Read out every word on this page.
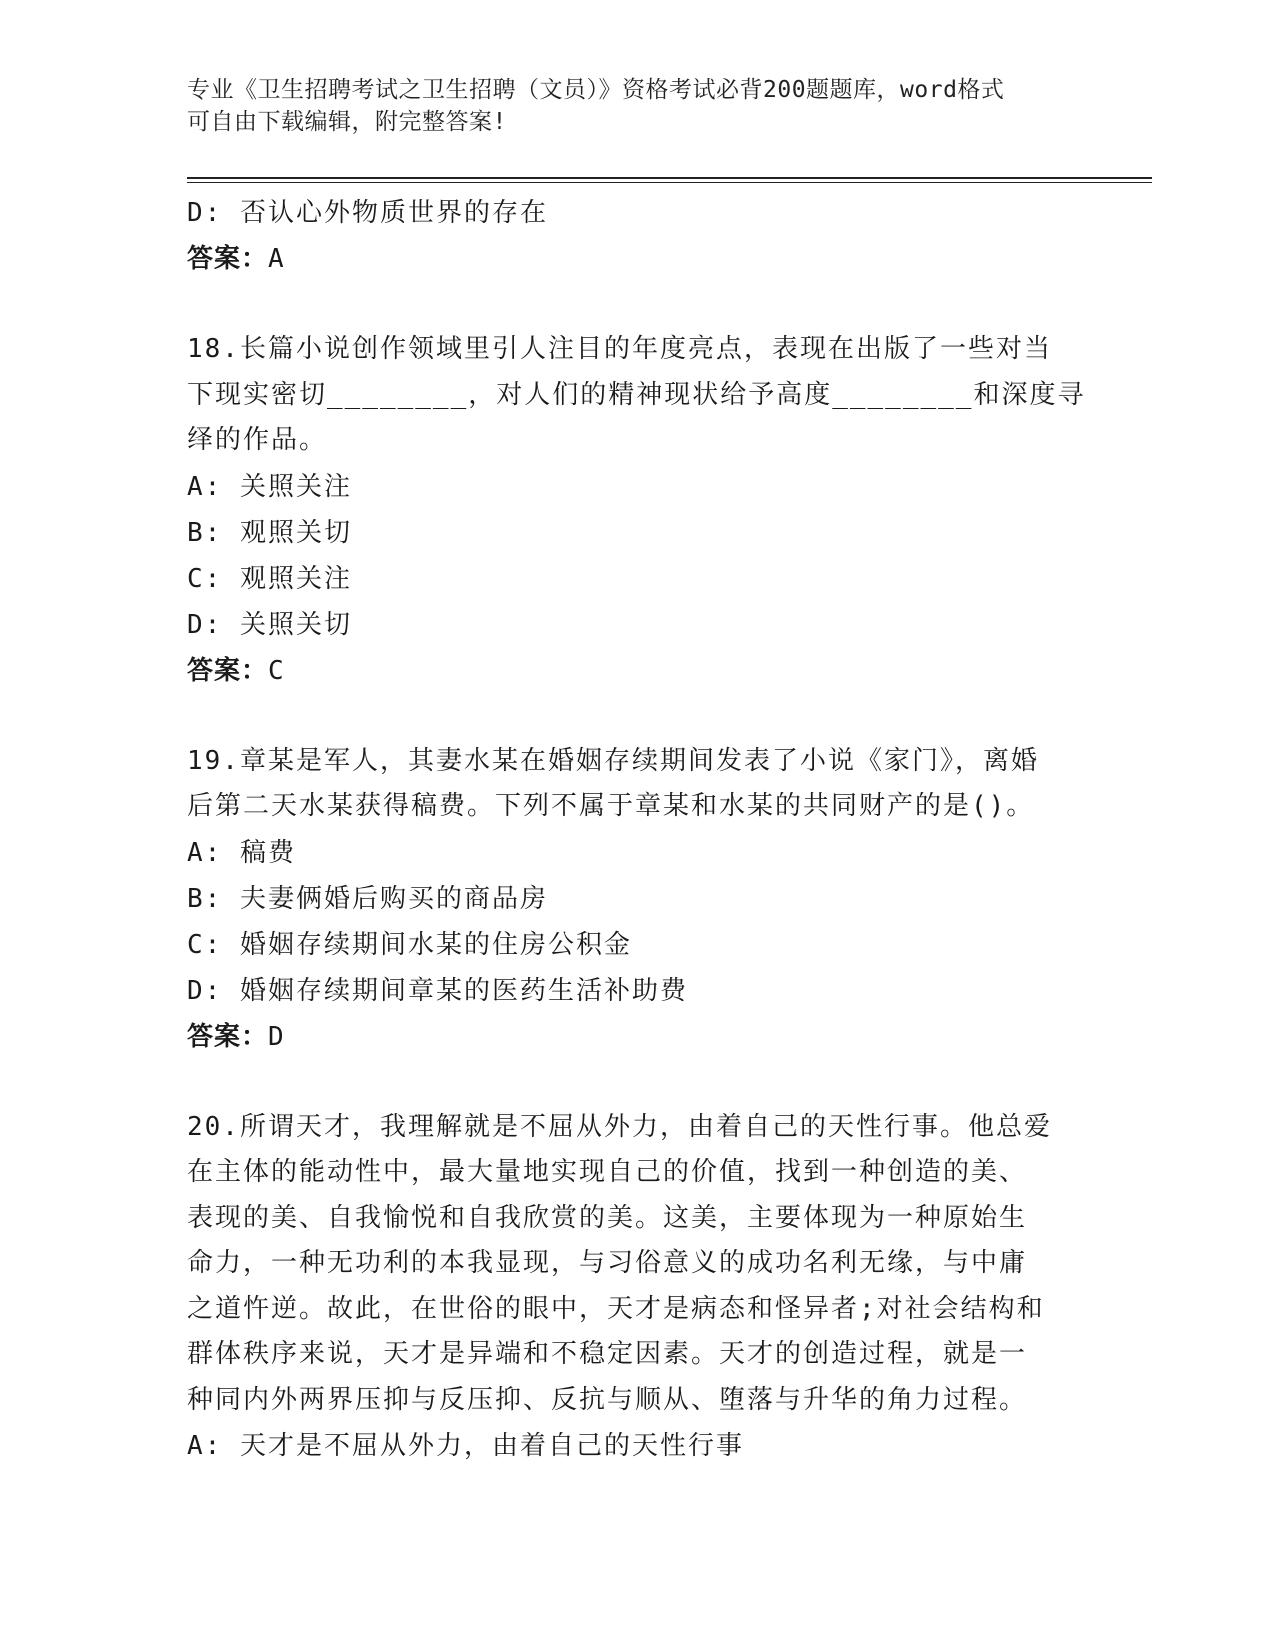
专业《卫生招聘考试之卫生招聘（文员）》资格考试必背200题题库，word格式
可自由下载编辑，附完整答案!

D: 否认心外物质世界的存在

答案：A

18.长篇小说创作领域里引人注目的年度亮点，表现在出版了一些对当
下现实密切________，对人们的精神现状给予高度________和深度寻
绎的作品。

A: 关照关注

B: 观照关切

C: 观照关注

D: 关照关切

答案：C

19.章某是军人，其妻水某在婚姻存续期间发表了小说《家门》，离婚
后第二天水某获得稿费。下列不属于章某和水某的共同财产的是()。

A: 稿费

B: 夫妻俩婚后购买的商品房

C: 婚姻存续期间水某的住房公积金

D: 婚姻存续期间章某的医药生活补助费

答案：D

20.所谓天才，我理解就是不屈从外力，由着自己的天性行事。他总爱
在主体的能动性中，最大量地实现自己的价值，找到一种创造的美、
表现的美、自我愉悦和自我欣赏的美。这美，主要体现为一种原始生
命力，一种无功利的本我显现，与习俗意义的成功名利无缘，与中庸
之道忤逆。故此，在世俗的眼中，天才是病态和怪异者;对社会结构和
群体秩序来说，天才是异端和不稳定因素。天才的创造过程，就是一
种同内外两界压抑与反压抑、反抗与顺从、堕落与升华的角力过程。

A: 天才是不屈从外力，由着自己的天性行事
